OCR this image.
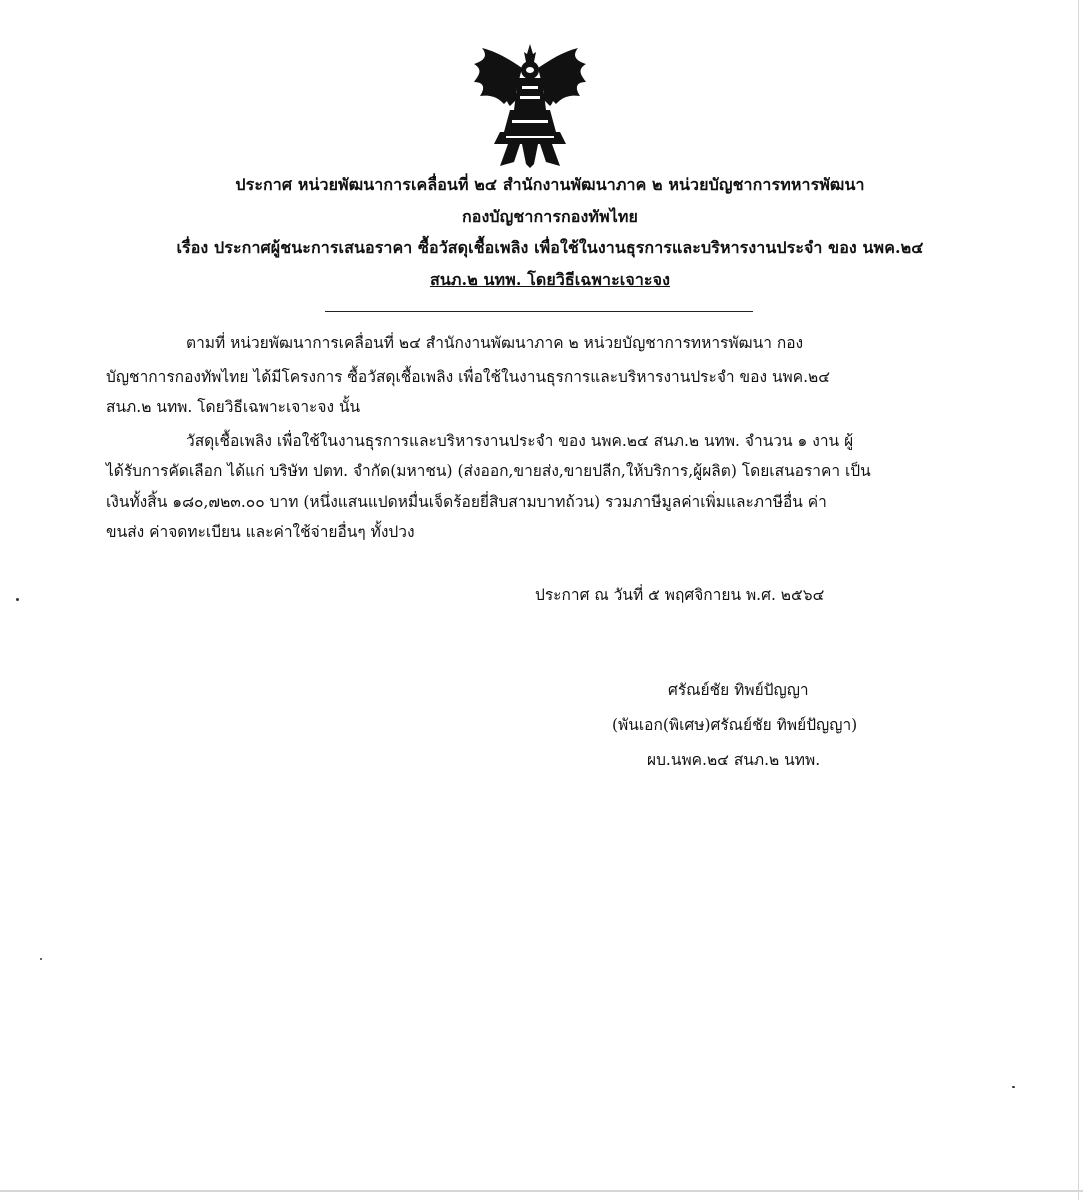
ประกาศ หน่วยพัฒนาการเคลื่อนที่ ๒๔ สำนักงานพัฒนาภาค ๒ หน่วยบัญชาการทหารพัฒนา
กองบัญชาการกองทัพไทย
เรื่อง ประกาศผู้ชนะการเสนอราคา ซื้อวัสดุเชื้อเพลิง เพื่อใช้ในงานธุรการและบริหารงานประจำ ของ นพค.๒๔
สนภ.๒ นทพ. โดยวิธีเฉพาะเจาะจง
ตามที่ หน่วยพัฒนาการเคลื่อนที่ ๒๔ สำนักงานพัฒนาภาค ๒ หน่วยบัญชาการทหารพัฒนา กอง
บัญชาการกองทัพไทย ได้มีโครงการ ซื้อวัสดุเชื้อเพลิง เพื่อใช้ในงานธุรการและบริหารงานประจำ ของ นพค.๒๔
สนภ.๒ นทพ. โดยวิธีเฉพาะเจาะจง นั้น
วัสดุเชื้อเพลิง เพื่อใช้ในงานธุรการและบริหารงานประจำ ของ นพค.๒๔ สนภ.๒ นทพ. จำนวน ๑ งาน ผู้
ได้รับการคัดเลือก ได้แก่ บริษัท ปตท. จำกัด(มหาชน) (ส่งออก,ขายส่ง,ขายปลีก,ให้บริการ,ผู้ผลิต) โดยเสนอราคา เป็น
เงินทั้งสิ้น ๑๘๐,๗๒๓.๐๐ บาท (หนึ่งแสนแปดหมื่นเจ็ดร้อยยี่สิบสามบาทถ้วน) รวมภาษีมูลค่าเพิ่มและภาษีอื่น ค่า
ขนส่ง ค่าจดทะเบียน และค่าใช้จ่ายอื่นๆ ทั้งปวง
ประกาศ ณ วันที่ ๕ พฤศจิกายน พ.ศ. ๒๕๖๔
ศรัณย์ชัย ทิพย์ปัญญา
(พันเอก(พิเศษ)ศรัณย์ชัย ทิพย์ปัญญา)
ผบ.นพค.๒๔ สนภ.๒ นทพ.
